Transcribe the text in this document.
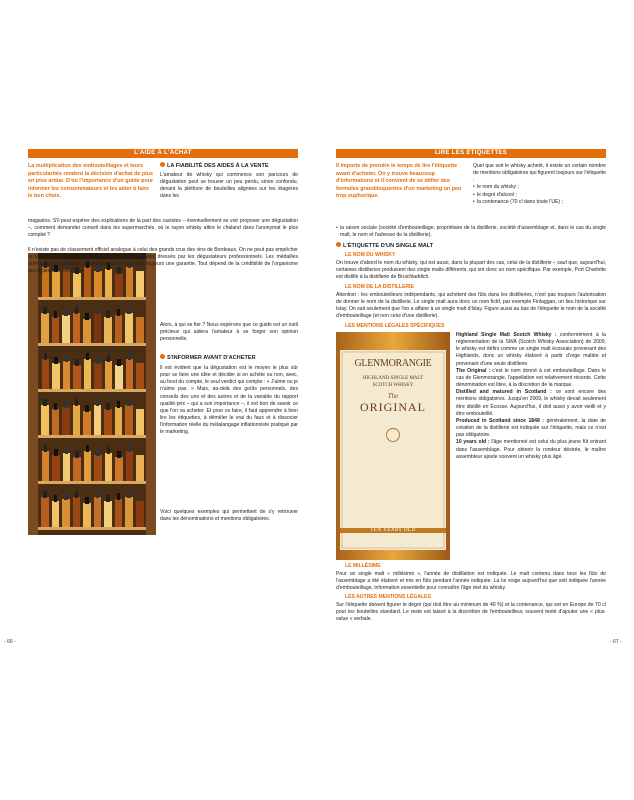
L'AIDE À L'ACHAT
La multiplication des embouteillages et leurs particularités rendent la décision d'achat de plus en plus ardue. D'où l'importance d'un guide pour informer les consommateurs et les aider à faire le bon choix.
LA FIABILITÉ DES AIDES À LA VENTE
L'amateur de whisky qui commence son parcours de dégustation peut se trouver un peu perdu, sinon confondu, devant la pléthore de bouteilles alignées sur les étagères dans les
magasins. S'il peut espérer des explications de la part des cavistes – éventuellement se voir proposer une dégustation –, comment demander conseil dans les supermarchés, où le rayon whisky attire le chaland dans l'anonymat le plus complet ?
Il n'existe pas de classement officiel analogue à celui des grands crus des vins de Bordeaux. On ne peut pas empêcher qu'entre une part de subjectivité dans les hit-parades dressés par les dégustateurs professionnels. Les médailles obtenues aux concours internationaux ne sont pas toujours une garantie. Tout dépend de la crédibilité de l'organisme qui organise le concours.
Alors, à qui se fier ? Nous espérons que ce guide est un outil précieux qui aidera l'amateur à se forger son opinion personnelle.
S'INFORMER AVANT D'ACHETER
Il est évident que la dégustation est le moyen le plus sûr pour se faire une idée et décider si on achète ou non, avec, au bout du compte, le seul verdict qui compte : « J'aime ou je n'aime pas. » Mais, au-delà des goûts personnels, des conseils des uns et des autres et de la variable du rapport qualité-prix – qui a son importance –, il est bon de savoir ce que l'on va acheter. Et pour ce faire, il faut apprendre à bien lire les étiquettes, à démêler le vrai du faux et à dissocier l'information réelle du métalangage inflationniste pratiqué par le marketing.
Voici quelques exemples qui permettent de s'y retrouver dans les dénominations et mentions obligatoires.
- 66 -
LIRE LES ÉTIQUETTES
Il importe de prendre le temps de lire l'étiquette avant d'acheter. On y trouve beaucoup d'informations et il convient de se défier des formules grandiloquentes d'un marketing un peu trop euphorique.
Quel que soit le whisky acheté, il existe un certain nombre de mentions obligatoires qui figurent toujours sur l'étiquette :
• le nom du whisky ;
• le degré d'alcool ;
• la contenance (70 cl dans toute l'UE) ;
• la raison sociale (société d'embouteillage, propriétaire de la distillerie, société d'assemblage et, dans le cas du single malt, le nom et l'adresse de la distillerie).
L'ÉTIQUETTE D'UN SINGLE MALT
LE NOM DU WHISKY
On trouve d'abord le nom du whisky, qui est aussi, dans la plupart des cas, celui de la distillerie – sauf que, aujourd'hui, certaines distilleries produisent des single malts différents, qui ont donc un nom spécifique. Par exemple, Port Charlotte est distillé à la distillerie de Bruichladdich.
LE NOM DE LA DISTILLERIE
Attention : les embouteilleurs indépendants, qui achètent des fûts dans les distilleries, n'ont pas toujours l'autorisation de donner le nom de la distillerie. Le single malt aura donc un nom fictif, par exemple Finlaggan, un lieu historique sur Islay. On sait seulement que l'on a affaire à un single malt d'Islay. Figure aussi au bas de l'étiquette le nom de la société d'embouteillage (et non celui d'une distillerie).
LES MENTIONS LÉGALES SPÉCIFIQUES
GLENMORANGIE
HIGHLAND SINGLE MALT
SCOTCH WHISKY
The
ORIGINAL
TEN YEARS OLD

Highland Single Malt Scotch Whisky : conformément à la réglementation de la SWA (Scotch Whisky Association) de 2009, le whisky est défini comme un single malt écossais provenant des Highlands, donc un whisky élaboré à partir d'orge maltée et provenant d'une seule distillerie.

The Original : c'est le nom donné à cet embouteillage. Dans le cas de Glenmorangie, l'appellation est relativement récente. Cette dénomination est libre, à la discrétion de la marque.

Distilled and matured in Scotland : ce sont encore des mentions obligatoires. Jusqu'en 2009, le whisky devait seulement être distillé en Écosse. Aujourd'hui, il doit aussi y avoir vieilli et y être embouteillé.

Produced in Scotland since 1848 : généralement, la date de création de la distillerie est indiquée sur l'étiquette, mais ce n'est pas obligatoire.

10 years old : l'âge mentionné est celui du plus jeune fût entrant dans l'assemblage. Pour obtenir la rondeur désirée, le maître assembleur ajoute souvent un whisky plus âgé.

LE MILLÉSIME
Pour un single malt « millésimé », l'année de distillation est indiquée. Le malt contenu dans tous les fûts de l'assemblage a été élaboré et mis en fûts pendant l'année indiquée. La loi exige aujourd'hui que soit indiquée l'année d'embouteillage, information essentielle pour connaître l'âge réel du whisky.
LES AUTRES MENTIONS LÉGALES
Sur l'étiquette doivent figurer le degré (qui doit être au minimum de 40 %) et la contenance, qui est en Europe de 70 cl pour les bouteilles standard. Le reste est laissé à la discrétion de l'embouteilleur, souvent tenté d'ajouter une « plus-value » verbale.
- 67 -
